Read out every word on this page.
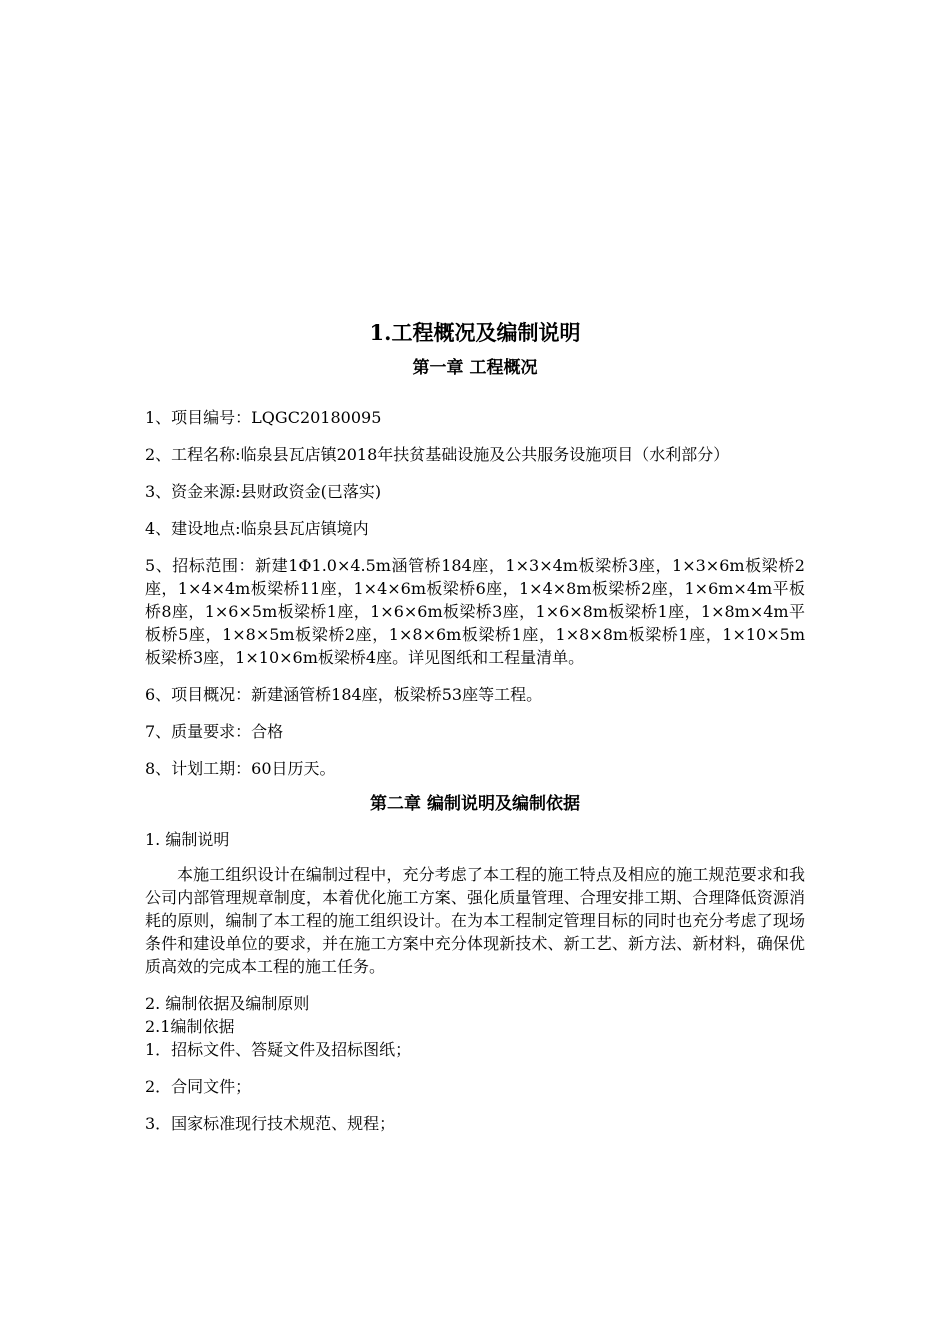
1.工程概况及编制说明
第一章 工程概况

1、项目编号：LQGC20180095

2、工程名称:临泉县瓦店镇2018年扶贫基础设施及公共服务设施项目（水利部分）

3、资金来源:县财政资金(已落实)

4、建设地点:临泉县瓦店镇境内

5、招标范围：新建1Φ1.0×4.5m涵管桥184座，1×3×4m板梁桥3座，1×3×6m板梁桥2座，1×4×4m板梁桥11座，1×4×6m板梁桥6座，1×4×8m板梁桥2座，1×6m×4m平板桥8座，1×6×5m板梁桥1座，1×6×6m板梁桥3座，1×6×8m板梁桥1座，1×8m×4m平板桥5座，1×8×5m板梁桥2座，1×8×6m板梁桥1座，1×8×8m板梁桥1座，1×10×5m板梁桥3座，1×10×6m板梁桥4座。详见图纸和工程量清单。

6、项目概况：新建涵管桥184座，板梁桥53座等工程。

7、质量要求：合格

8、计划工期：60日历天。

第二章 编制说明及编制依据

1. 编制说明

本施工组织设计在编制过程中，充分考虑了本工程的施工特点及相应的施工规范要求和我公司内部管理规章制度，本着优化施工方案、强化质量管理、合理安排工期、合理降低资源消耗的原则，编制了本工程的施工组织设计。在为本工程制定管理目标的同时也充分考虑了现场条件和建设单位的要求，并在施工方案中充分体现新技术、新工艺、新方法、新材料，确保优质高效的完成本工程的施工任务。

2. 编制依据及编制原则

2.1编制依据

1．招标文件、答疑文件及招标图纸；

2．合同文件；

3．国家标准现行技术规范、规程；
